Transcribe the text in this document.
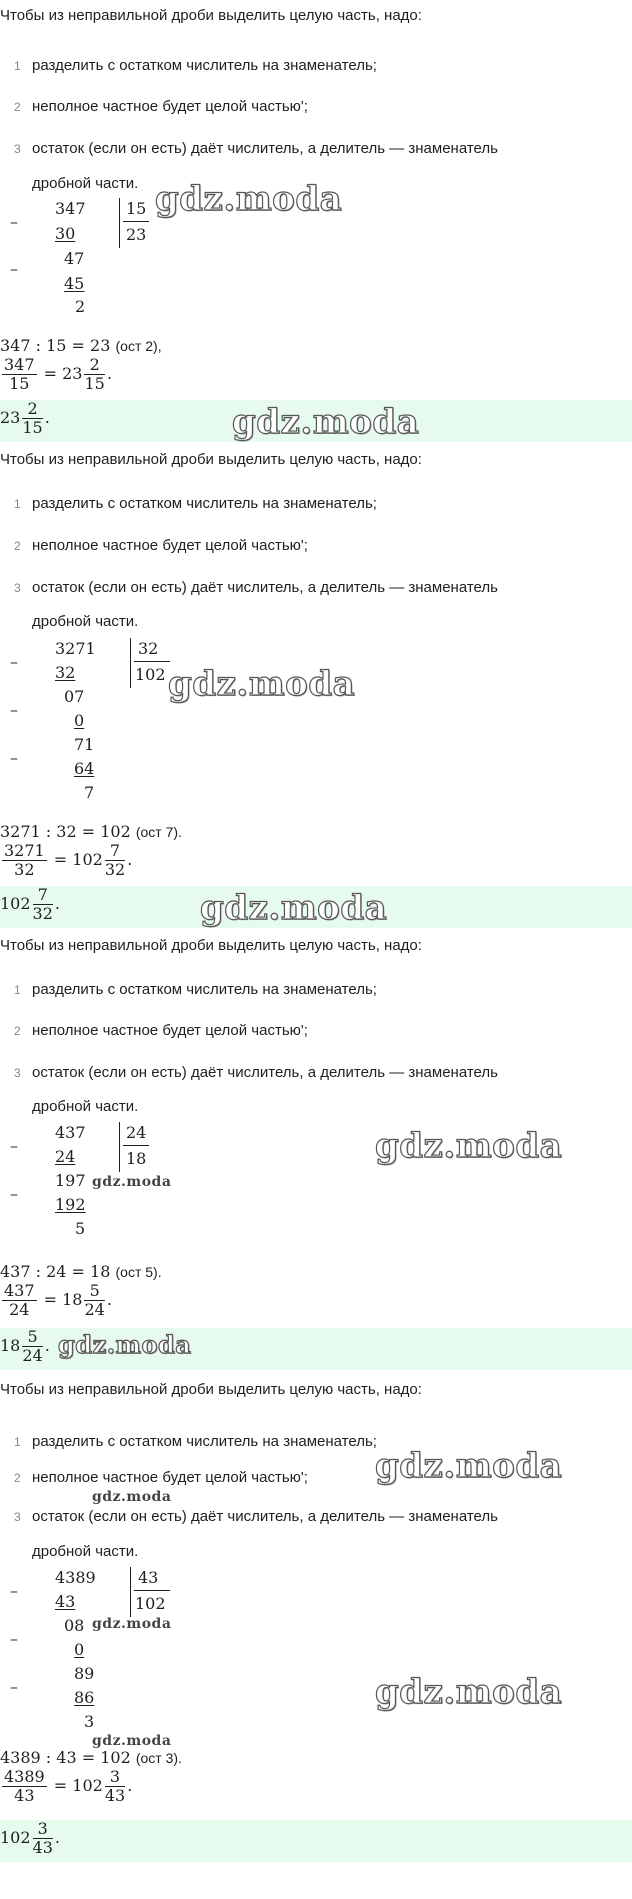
Чтобы из неправильной дроби выделить целую часть, надо:
1 разделить с остатком числитель на знаменатель;
2 неполное частное будет целой частью';
3 остаток (если он есть) даёт числитель, а делитель — знаменатель
дробной части.
–
–
347	15
23
30
47
45
2
gdz.moda
347 : 15 = 23 (ост 2),
$\frac{347}{15} = 23 \frac{2}{15}$ .
$23 \frac{2}{15}$ .	gdz.moda
Чтобы из неправильной дроби выделить целую часть, надо:
1 разделить с остатком числитель на знаменатель;
2 неполное частное будет целой частью';
3 остаток (если он есть) даёт числитель, а делитель — знаменатель
дробной части.
–
–
–
3271	32
102
32
07
0
71
64
7
gdz.moda
3271 : 32 = 102 (ост 7).
$\frac{3271}{32} = 102 \frac{7}{32}$ .
$102 \frac{7}{32}$ .	gdz.moda
Чтобы из неправильной дроби выделить целую часть, надо:
1 разделить с остатком числитель на знаменатель;
2 неполное частное будет целой частью';
3 остаток (если он есть) даёт числитель, а делитель — знаменатель
дробной части.
–
–
437	24
18
24
197
192
5
gdz.moda
gdz.moda
437 : 24 = 18 (ост 5).
$\frac{437}{24} = 18 \frac{5}{24}$ .
$18 \frac{5}{24}$ . gdz.moda
Чтобы из неправильной дроби выделить целую часть, надо:
1 разделить с остатком числитель на знаменатель;
2 неполное частное будет целой частью';
gdz.moda
gdz.moda
3 остаток (если он есть) даёт числитель, а делитель — знаменатель
дробной части.
–
–
–
4389	43
102
43
08
0
89
86
3
gdz.moda
gdz.moda
gdz.moda
4389 : 43 = 102 (ост 3).
$\frac{4389}{43} = 102 \frac{3}{43}$ .
$102 \frac{3}{43}$ .
